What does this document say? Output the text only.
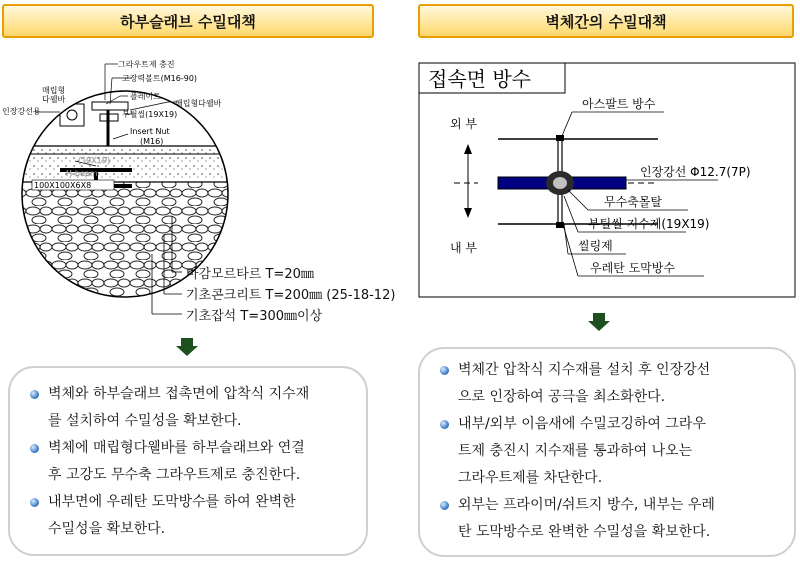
하부슬래브 수밀대책	벽체간의 수밀대책
그라우트제 충진
고장력볼트(M16-90)
플레이트
매립형다웰바
부틸씰(19X19)
매립형
다웰바
인장강선용
Insert Nut
(M16)
(19X19)
H-beam
100X100X6X8
마감모르타르 T=20㎜
기초콘크리트 T=200㎜ (25-18-12)
기초잡석 T=300㎜이상
접속면 방수
외 부
내 부
아스팔트 방수
인장강선 Φ12.7(7P)
무수축몰탈
부틸씰 지수제(19X19)
씰링제
우레탄 도막방수
벽체와 하부슬래브 접촉면에 압착식 지수재
를 설치하여 수밀성을 확보한다.
벽체에 매립형다웰바를 하부슬래브와 연결
후 고강도 무수축 그라우트제로 충진한다.
내부면에 우레탄 도막방수를 하여 완벽한
수밀성을 확보한다.
벽체간 압착식 지수재를 설치 후 인장강선
으로 인장하여 공극을 최소화한다.
내부/외부 이음새에 수밀코깅하여 그라우
트제 충진시 지수재를 통과하여 나오는
그라우트제를 차단한다.
외부는 프라이머/쉬트지 방수, 내부는 우레
탄 도막방수로 완벽한 수밀성을 확보한다.
